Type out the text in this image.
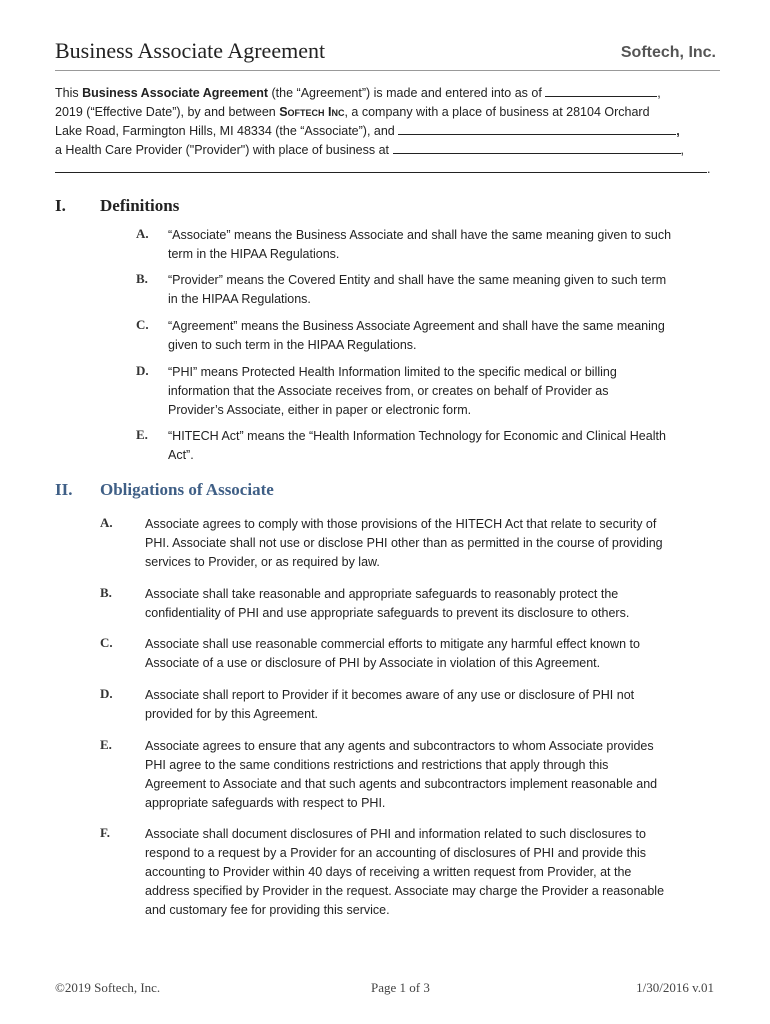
Business Associate Agreement	Softech, Inc.
This Business Associate Agreement (the “Agreement”) is made and entered into as of	,
2019 (“Effective Date”), by and between Softech Inc, a company with a place of business at 28104 Orchard
Lake Road, Farmington Hills, MI 48334 (the “Associate”), and	,
a Health Care Provider ("Provider") with place of business at	,
.
I. Definitions
A. “Associate” means the Business Associate and shall have the same meaning given to such
term in the HIPAA Regulations.
B. “Provider” means the Covered Entity and shall have the same meaning given to such term
in the HIPAA Regulations.
C. “Agreement” means the Business Associate Agreement and shall have the same meaning
given to such term in the HIPAA Regulations.
D. “PHI” means Protected Health Information limited to the specific medical or billing
information that the Associate receives from, or creates on behalf of Provider as
Provider’s Associate, either in paper or electronic form.
E. “HITECH Act” means the “Health Information Technology for Economic and Clinical Health
Act”.
II. Obligations of Associate
A.	Associate agrees to comply with those provisions of the HITECH Act that relate to security of
PHI. Associate shall not use or disclose PHI other than as permitted in the course of providing
services to Provider, or as required by law.
B.	Associate shall take reasonable and appropriate safeguards to reasonably protect the
confidentiality of PHI and use appropriate safeguards to prevent its disclosure to others.
C.	Associate shall use reasonable commercial efforts to mitigate any harmful effect known to
Associate of a use or disclosure of PHI by Associate in violation of this Agreement.
D.	Associate shall report to Provider if it becomes aware of any use or disclosure of PHI not
provided for by this Agreement.
E.	Associate agrees to ensure that any agents and subcontractors to whom Associate provides
PHI agree to the same conditions restrictions and restrictions that apply through this
Agreement to Associate and that such agents and subcontractors implement reasonable and
appropriate safeguards with respect to PHI.
F.	Associate shall document disclosures of PHI and information related to such disclosures to
respond to a request by a Provider for an accounting of disclosures of PHI and provide this
accounting to Provider within 40 days of receiving a written request from Provider, at the
address specified by Provider in the request. Associate may charge the Provider a reasonable
and customary fee for providing this service.
©2019 Softech, Inc.	Page 1 of 3	1/30/2016 v.01
